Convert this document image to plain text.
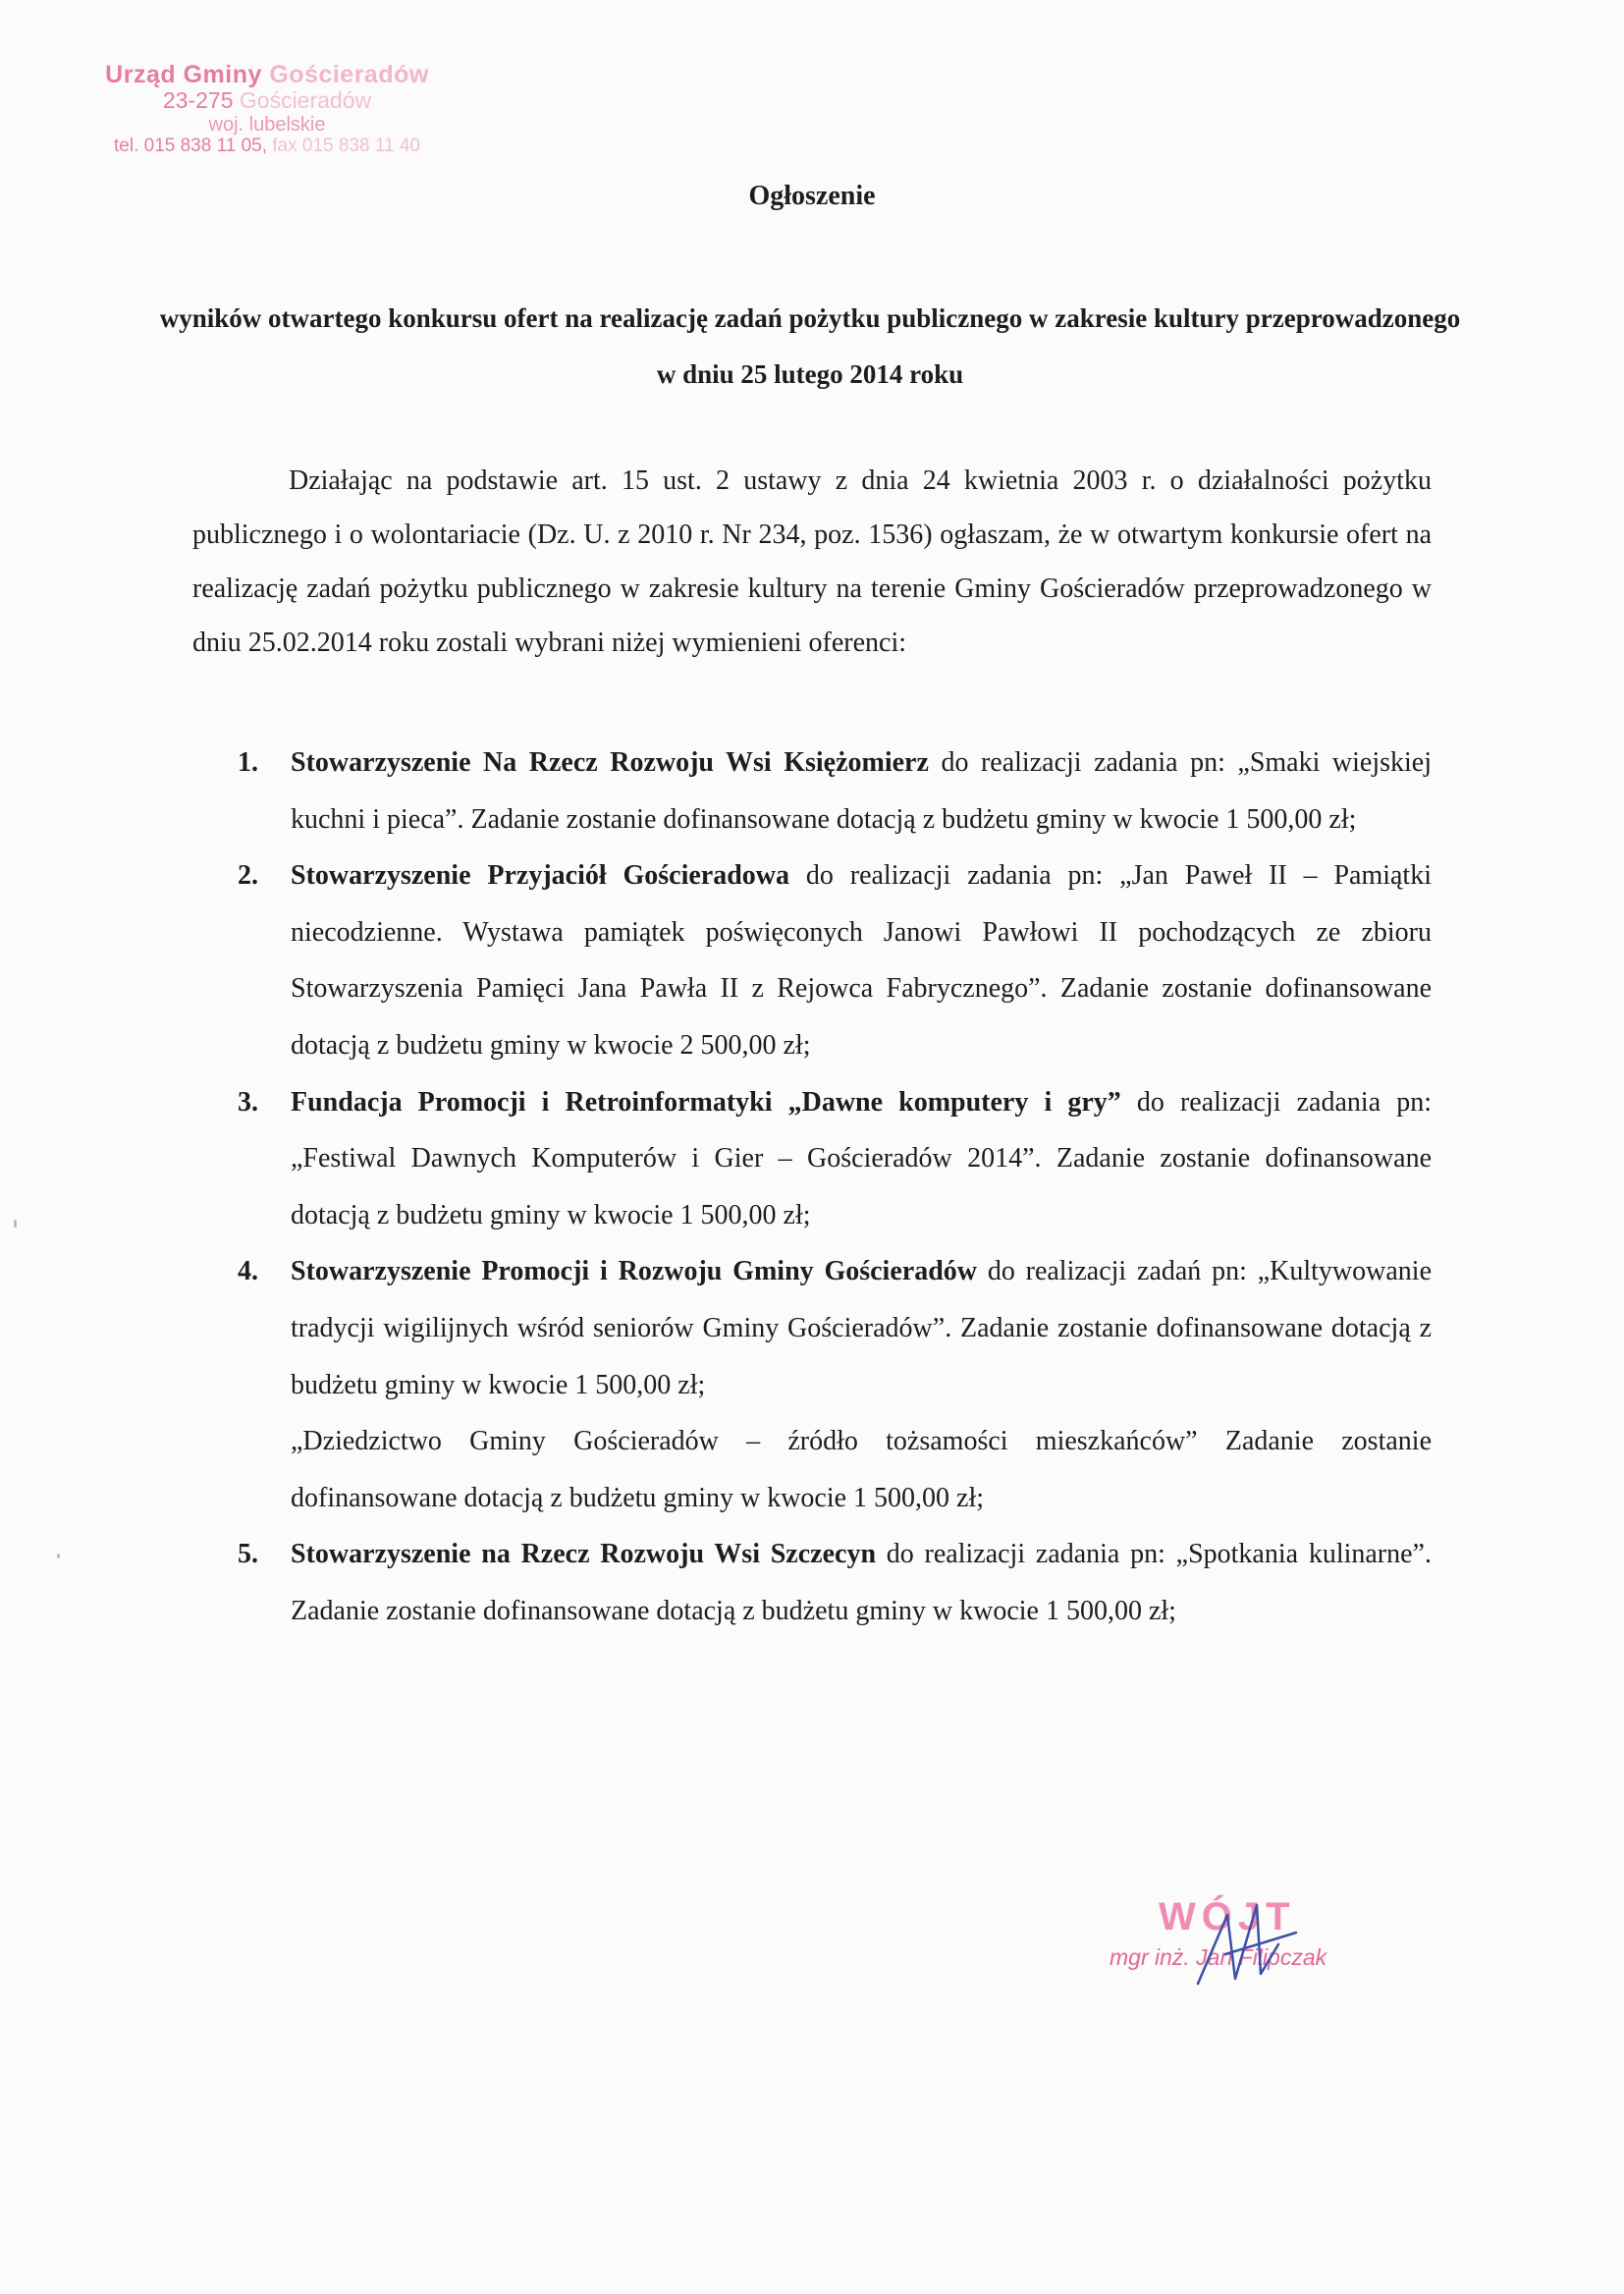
Urząd Gminy Gościeradów
23-275 Gościeradów
woj. lubelskie
tel. 015 838 11 05, fax 015 838 11 40
Ogłoszenie
wyników otwartego konkursu ofert na realizację zadań pożytku publicznego w zakresie kultury przeprowadzonego w dniu 25 lutego 2014 roku
Działając na podstawie art. 15 ust. 2 ustawy z dnia 24 kwietnia 2003 r. o działalności pożytku publicznego i o wolontariacie (Dz. U. z 2010 r. Nr 234, poz. 1536) ogłaszam, że w otwartym konkursie ofert na realizację zadań pożytku publicznego w zakresie kultury na terenie Gminy Gościeradów przeprowadzonego w dniu 25.02.2014 roku zostali wybrani niżej wymienieni oferenci:
1. Stowarzyszenie Na Rzecz Rozwoju Wsi Księżomierz do realizacji zadania pn: „Smaki wiejskiej kuchni i pieca”. Zadanie zostanie dofinansowane dotacją z budżetu gminy w kwocie 1 500,00 zł;

2. Stowarzyszenie Przyjaciół Gościeradowa do realizacji zadania pn: „Jan Paweł II – Pamiątki niecodzienne. Wystawa pamiątek poświęconych Janowi Pawłowi II pochodzących ze zbioru Stowarzyszenia Pamięci Jana Pawła II z Rejowca Fabrycznego”. Zadanie zostanie dofinansowane dotacją z budżetu gminy w kwocie 2 500,00 zł;

3. Fundacja Promocji i Retroinformatyki „Dawne komputery i gry” do realizacji zadania pn: „Festiwal Dawnych Komputerów i Gier – Gościeradów 2014”. Zadanie zostanie dofinansowane dotacją z budżetu gminy w kwocie 1 500,00 zł;

4. Stowarzyszenie Promocji i Rozwoju Gminy Gościeradów do realizacji zadań pn: „Kultywowanie tradycji wigilijnych wśród seniorów Gminy Gościeradów”. Zadanie zostanie dofinansowane dotacją z budżetu gminy w kwocie 1 500,00 zł;

„Dziedzictwo Gminy Gościeradów – źródło tożsamości mieszkańców” Zadanie zostanie dofinansowane dotacją z budżetu gminy w kwocie 1 500,00 zł;

5. Stowarzyszenie na Rzecz Rozwoju Wsi Szczecyn do realizacji zadania pn: „Spotkania kulinarne”. Zadanie zostanie dofinansowane dotacją z budżetu gminy w kwocie 1 500,00 zł;

WÓJT
mgr inż. Jan Filipczak
